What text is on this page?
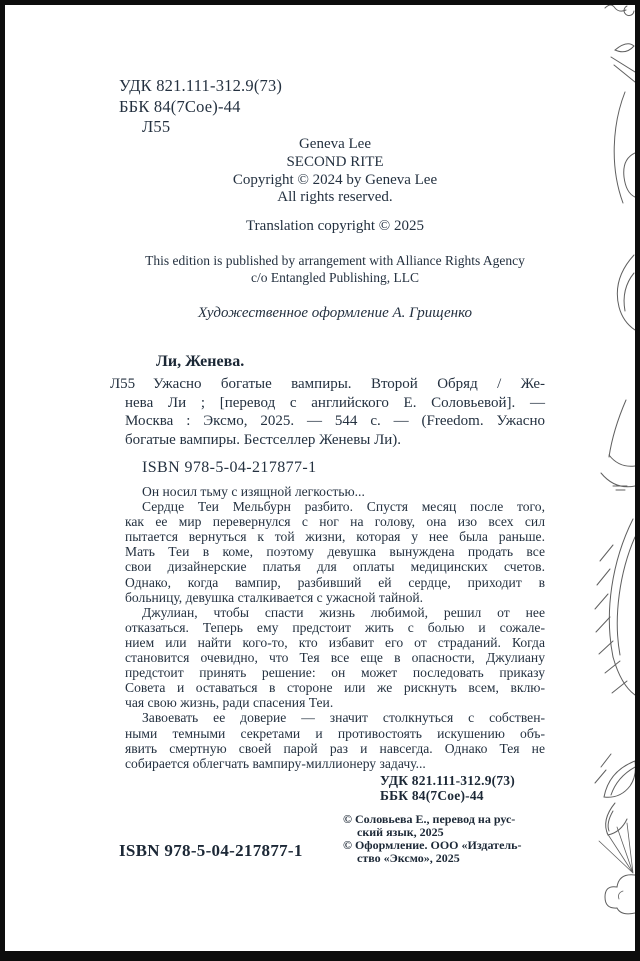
УДК 821.111-312.9(73)
ББК 84(7Сое)-44
Л55
Geneva Lee
SECOND RITE
Copyright © 2024 by Geneva Lee
All rights reserved.
Translation copyright © 2025
This edition is published by arrangement with Alliance Rights Agency
c/o Entangled Publishing, LLC
Художественное оформление А. Грищенко
Ли, Женева.
Л55	Ужасно богатые вампиры. Второй Обряд / Же-
нева Ли ; [перевод с английского Е. Соловьевой]. —
Москва : Эксмо, 2025. — 544 с. — (Freedom. Ужасно
богатые вампиры. Бестселлер Женевы Ли).
ISBN 978-5-04-217877-1
Он носил тьму с изящной легкостью...
Сердце Теи Мельбурн разбито. Спустя месяц после того,
как ее мир перевернулся с ног на голову, она изо всех сил
пытается вернуться к той жизни, которая у нее была раньше.
Мать Теи в коме, поэтому девушка вынуждена продать все
свои дизайнерские платья для оплаты медицинских счетов.
Однако, когда вампир, разбивший ей сердце, приходит в
больницу, девушка сталкивается с ужасной тайной.
Джулиан, чтобы спасти жизнь любимой, решил от нее
отказаться. Теперь ему предстоит жить с болью и сожале-
нием или найти кого-то, кто избавит его от страданий. Когда
становится очевидно, что Тея все еще в опасности, Джулиану
предстоит принять решение: он может последовать приказу
Совета и оставаться в стороне или же рискнуть всем, вклю-
чая свою жизнь, ради спасения Теи.
Завоевать ее доверие — значит столкнуться с собствен-
ными темными секретами и противостоять искушению объ-
явить смертную своей парой раз и навсегда. Однако Тея не
собирается облегчать вампиру-миллионеру задачу...
УДК 821.111-312.9(73)
ББК 84(7Сое)-44
© Соловьева Е., перевод на рус-
ский язык, 2025
© Оформление. ООО «Издатель-
ство «Эксмо», 2025
ISBN 978-5-04-217877-1
